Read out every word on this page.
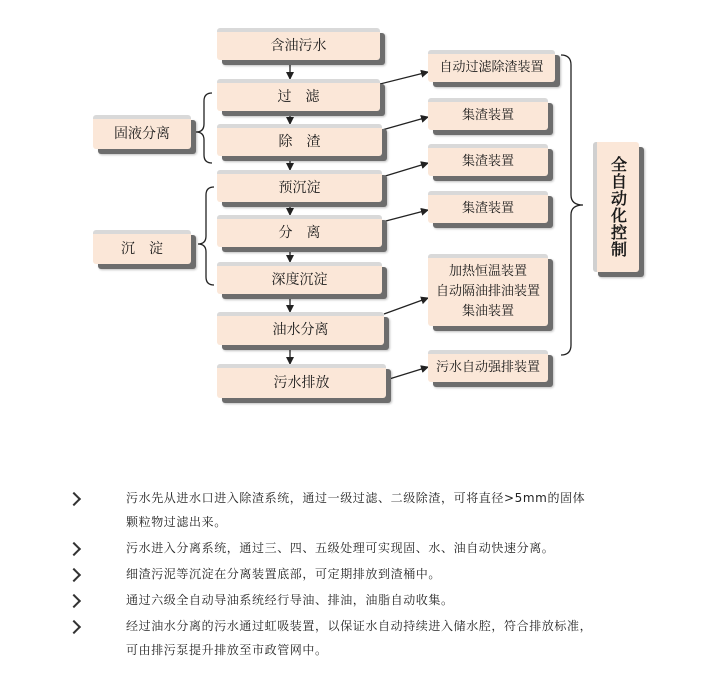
含油污水
过　滤
除　渣
预沉淀
分　离
深度沉淀
油水分离
污水排放
固液分离
沉　淀
自动过滤除渣装置
集渣装置
集渣装置
集渣装置
加热恒温装置
自动隔油排油装置
集油装置
污水自动强排装置
全自动化控制
污水先从进水口进入除渣系统，通过一级过滤、二级除渣，可将直径>5mm的固体
颗粒物过滤出来。
污水进入分离系统，通过三、四、五级处理可实现固、水、油自动快速分离。
细渣污泥等沉淀在分离装置底部，可定期排放到渣桶中。
通过六级全自动导油系统经行导油、排油，油脂自动收集。
经过油水分离的污水通过虹吸装置，以保证水自动持续进入储水腔，符合排放标准，
可由排污泵提升排放至市政管网中。
